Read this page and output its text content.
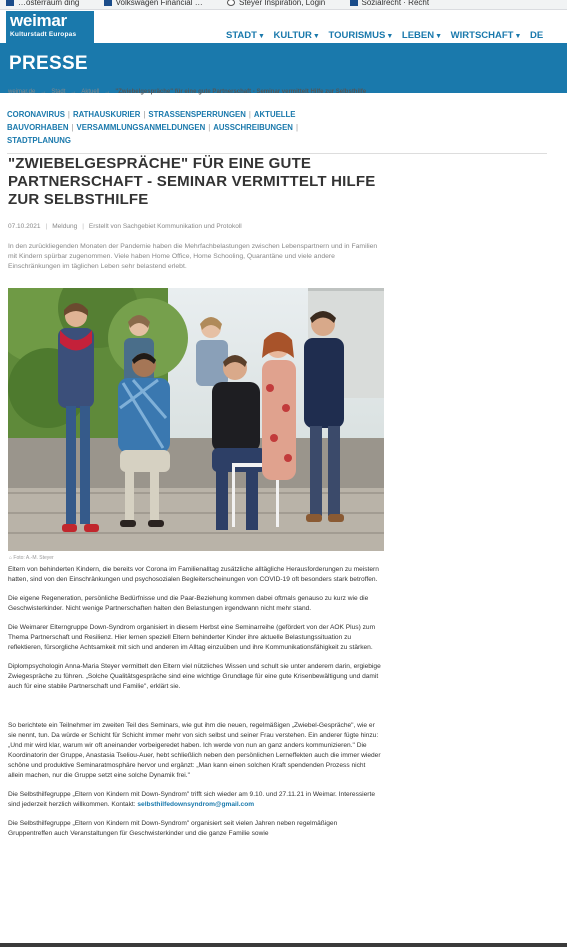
…osterraum ding	Volkswagen Financial …	Steyer Inspiration, Login	Sozialrecht · Recht
PRESSE
weimar
Kulturstadt Europas	STADT▼ KULTUR▼ TOURISMUS▼ LEBEN▼ WIRTSCHAFT▼ DE
weimar.de → Stadt → Aktuell → "Zwiebelgespräche" für eine gute Partnerschaft - Seminar vermittelt Hilfe zur Selbsthilfe
CORONAVIRUS | RATHAUSKURIER | STRASSENSPERRUNGEN | AKTUELLE BAUVORHABEN | VERSAMMLUNGSANMELDUNGEN | AUSSCHREIBUNGEN |
STADTPLANUNG
"ZWIEBELGESPRÄCHE" FÜR EINE GUTE PARTNERSCHAFT - SEMINAR VERMITTELT HILFE ZUR SELBSTHILFE
07.10.2021 | Meldung | Erstellt von Sachgebiet Kommunikation und Protokoll

In den zurückliegenden Monaten der Pandemie haben die Mehrfachbelastungen zwischen Lebenspartnern und in Familien mit Kindern spürbar zugenommen. Viele haben Home Office, Home Schooling, Quarantäne und viele andere Einschränkungen im täglichen Leben sehr belastend erlebt.

⌂ Foto: A.-M. Steyer

Eltern von behinderten Kindern, die bereits vor Corona im Familienalltag zusätzliche alltägliche Herausforderungen zu meistern hatten, sind von den Einschränkungen und psychosozialen Begleiterscheinungen von COVID-19 oft besonders stark betroffen.

Die eigene Regeneration, persönliche Bedürfnisse und die Paar-Beziehung kommen dabei oftmals genauso zu kurz wie die Geschwisterkinder. Nicht wenige Partnerschaften halten den Belastungen irgendwann nicht mehr stand.

Die Weimarer Elterngruppe Down-Syndrom organisiert in diesem Herbst eine Seminarreihe (gefördert von der AOK Plus) zum Thema Partnerschaft und Resilienz. Hier lernen speziell Eltern behinderter Kinder ihre aktuelle Belastungssituation zu reflektieren, fürsorgliche Achtsamkeit mit sich und anderen im Alltag einzuüben und ihre Kommunikationsfähigkeit zu stärken.

Diplompsychologin Anna-Maria Steyer vermittelt den Eltern viel nützliches Wissen und schult sie unter anderem darin, ergiebige Zwiegespräche zu führen. „Solche Qualitätsgespräche sind eine wichtige Grundlage für eine gute Krisenbewältigung und damit auch für eine stabile Partnerschaft und Familie", erklärt sie.

So berichtete ein Teilnehmer im zweiten Teil des Seminars, wie gut ihm die neuen, regelmäßigen „Zwiebel-Gespräche", wie er sie nennt, tun. Da würde er Schicht für Schicht immer mehr von sich selbst und seiner Frau verstehen. Ein anderer fügte hinzu: „Und mir wird klar, warum wir oft aneinander vorbeigeredet haben. Ich werde von nun an ganz anders kommunizieren." Die Koordinatorin der Gruppe, Anastasia Tseliou-Auer, hebt schließlich neben den persönlichen Lerneffekten auch die immer wieder schöne und produktive Seminaratmosphäre hervor und ergänzt: „Man kann einen solchen Kraft spendenden Prozess nicht allein machen, nur die Gruppe setzt eine solche Dynamik frei."

Die Selbsthilfegruppe „Eltern von Kindern mit Down-Syndrom" trifft sich wieder am 9.10. und 27.11.21 in Weimar. Interessierte sind jederzeit herzlich willkommen. Kontakt: selbsthilfedownsyndrom@gmail.com

Die Selbsthilfegruppe „Eltern von Kindern mit Down-Syndrom" organisiert seit vielen Jahren neben regelmäßigen Gruppentreffen auch Veranstaltungen für Geschwisterkinder und die ganze Familie sowie
